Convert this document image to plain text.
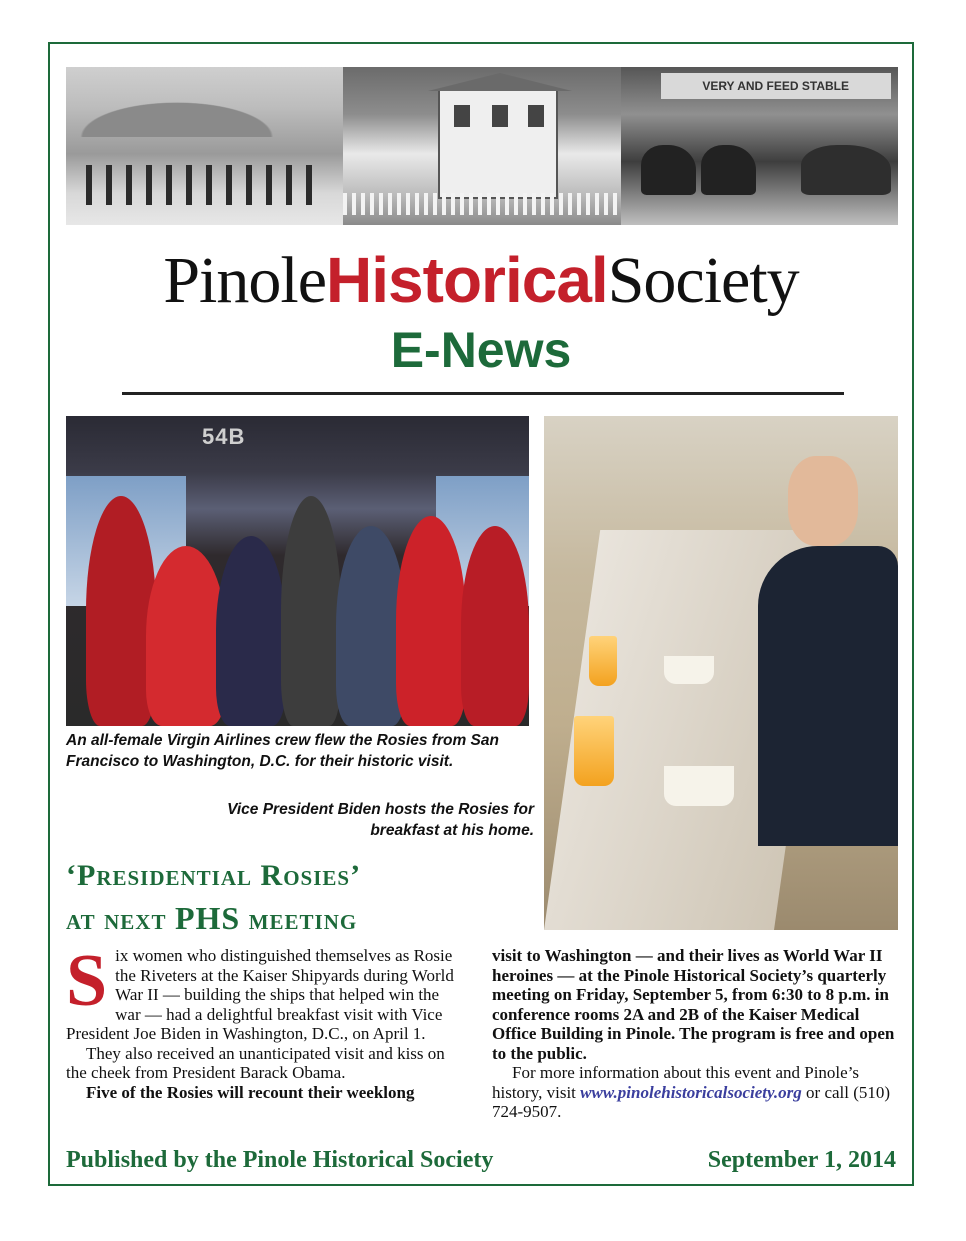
VERY AND FEED STABLE
PinoleHistoricalSociety
E-News
54B
An all-female Virgin Airlines crew flew the Rosies from San Francisco to Washington, D.C. for their historic visit.
Vice President Biden hosts the Rosies for breakfast at his home.
‘Presidential Rosies’
at next PHS meeting

Six women who distinguished themselves as Rosie the Riveters at the Kaiser Shipyards during World War II — building the ships that helped win the war — had a delightful breakfast visit with Vice President Joe Biden in Washington, D.C., on April 1.

They also received an unanticipated visit and kiss on the cheek from President Barack Obama.

Five of the Rosies will recount their weeklong

visit to Washington — and their lives as World War II heroines — at the Pinole Historical Society’s quarterly meeting on Friday, September 5, from 6:30 to 8 p.m. in conference rooms 2A and 2B of the Kaiser Medical Office Building in Pinole. The program is free and open to the public.

For more information about this event and Pinole’s history, visit www.pinolehistoricalsociety.org or call (510) 724-9507.

Published by the Pinole Historical Society	September 1, 2014
